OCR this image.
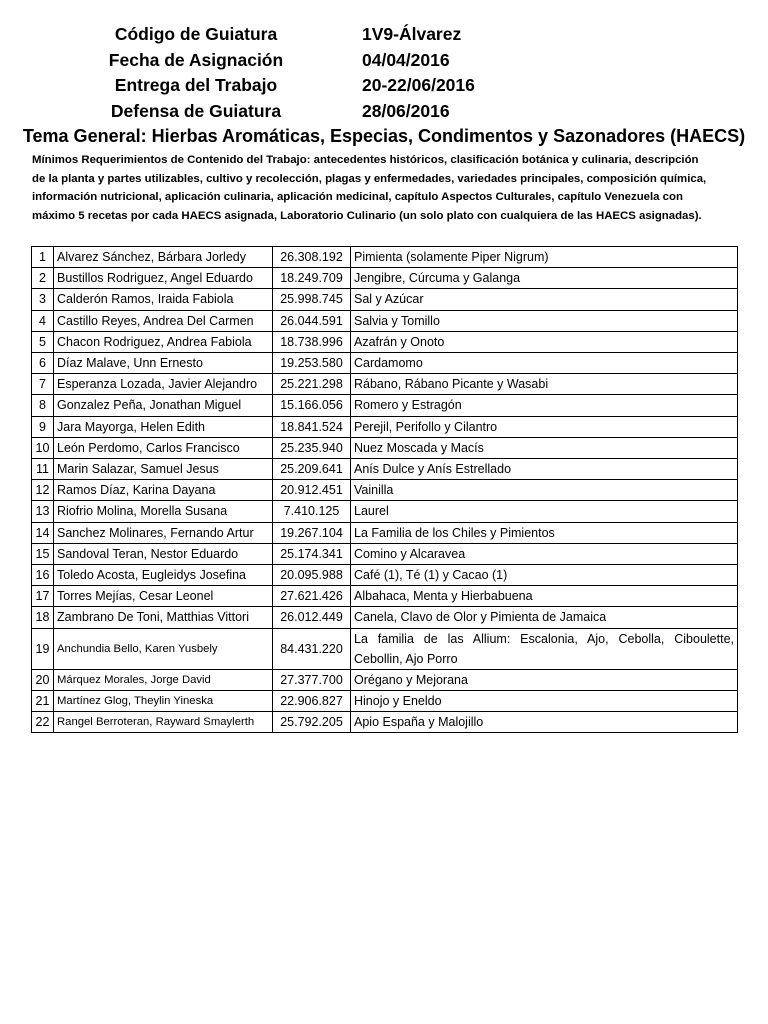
Código de Guiatura	1V9-Álvarez
Fecha de Asignación	04/04/2016
Entrega del Trabajo	20-22/06/2016
Defensa de Guiatura	28/06/2016
Tema General: Hierbas Aromáticas, Especias, Condimentos y Sazonadores (HAECS)
Mínimos Requerimientos de Contenido del Trabajo: antecedentes históricos, clasificación botánica y culinaria, descripción
de la planta y partes utilizables, cultivo y recolección, plagas y enfermedades, variedades principales, composición química,
información nutricional, aplicación culinaria, aplicación medicinal, capítulo Aspectos Culturales, capítulo Venezuela con
máximo 5 recetas por cada HAECS asignada, Laboratorio Culinario (un solo plato con cualquiera de las HAECS asignadas).
1	Alvarez Sánchez, Bárbara Jorledy	26.308.192	Pimienta (solamente Piper Nigrum)
2	Bustillos Rodriguez, Angel Eduardo	18.249.709	Jengibre, Cúrcuma y Galanga
3	Calderón Ramos, Iraida Fabiola	25.998.745	Sal y Azúcar
4	Castillo Reyes, Andrea Del Carmen	26.044.591	Salvia y Tomillo
5	Chacon Rodriguez, Andrea Fabiola	18.738.996	Azafrán y Onoto
6	Díaz Malave, Unn Ernesto	19.253.580	Cardamomo
7	Esperanza Lozada, Javier Alejandro	25.221.298	Rábano, Rábano Picante y Wasabi
8	Gonzalez Peña, Jonathan Miguel	15.166.056	Romero y Estragón
9	Jara Mayorga, Helen Edith	18.841.524	Perejil, Perifollo y Cilantro
10	León Perdomo, Carlos Francisco	25.235.940	Nuez Moscada y Macís
11	Marin Salazar, Samuel Jesus	25.209.641	Anís Dulce y Anís Estrellado
12	Ramos Díaz, Karina Dayana	20.912.451	Vainilla
13	Riofrio Molina, Morella Susana	7.410.125	Laurel
14	Sanchez Molinares, Fernando Artur	19.267.104	La Familia de los Chiles y Pimientos
15	Sandoval Teran, Nestor Eduardo	25.174.341	Comino y Alcaravea
16	Toledo Acosta, Eugleidys Josefina	20.095.988	Café (1), Té (1) y Cacao (1)
17	Torres Mejías, Cesar Leonel	27.621.426	Albahaca, Menta y Hierbabuena
18	Zambrano De Toni, Matthias Vittori	26.012.449	Canela, Clavo de Olor y Pimienta de Jamaica
19	Anchundia Bello, Karen Yusbely	84.431.220	La familia de las Allium: Escalonia, Ajo, Cebolla, Ciboulette, Cebollin, Ajo Porro
20	Márquez Morales, Jorge David	27.377.700	Orégano y Mejorana
21	Martínez Glog, Theylin Yineska	22.906.827	Hinojo y Eneldo
22	Rangel Berroteran, Rayward Smaylerth	25.792.205	Apio España y Malojillo
